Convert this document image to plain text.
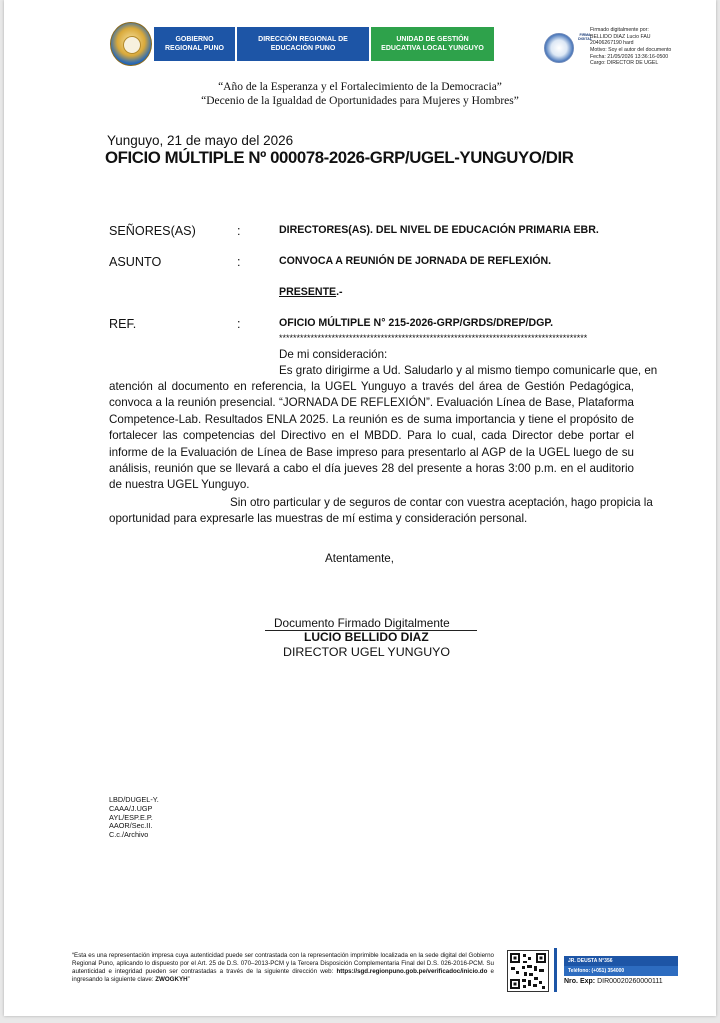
GOBIERNO
REGIONAL PUNO
DIRECCIÓN REGIONAL DE
EDUCACIÓN PUNO
UNIDAD DE GESTIÓN
EDUCATIVA LOCAL YUNGUYO
FIRMA DIGITAL
Firmado digitalmente por:
BELLIDO DIAZ Lucio FAU
20406267190 hard
Motivo: Soy el autor del documento
Fecha: 21/05/2026 13:36:16-0500
Cargo: DIRECTOR DE UGEL
“Año de la Esperanza y el Fortalecimiento de la Democracia”
“Decenio de la Igualdad de Oportunidades para Mujeres y Hombres”
Yunguyo, 21 de mayo del 2026
OFICIO MÚLTIPLE Nº 000078-2026-GRP/UGEL-YUNGUYO/DIR
SEÑORES(AS)	:	DIRECTORES(AS). DEL NIVEL DE EDUCACIÓN PRIMARIA EBR.
ASUNTO	:	CONVOCA A REUNIÓN DE JORNADA DE REFLEXIÓN.
PRESENTE.-
REF.	:	OFICIO MÚLTIPLE N° 215-2026-GRP/GRDS/DREP/DGP.
****************************************************************************************
De mi consideración:
Es grato dirigirme a Ud. Saludarlo y al mismo tiempo comunicarle que, en
atención al documento en referencia, la UGEL Yunguyo a través del área de Gestión Pedagógica, convoca a la reunión presencial. “JORNADA DE REFLEXIÓN”. Evaluación Línea de Base, Plataforma Competence-Lab. Resultados ENLA 2025. La reunión es de suma importancia y tiene el propósito de fortalecer las competencias del Directivo en el MBDD. Para lo cual, cada Director debe portar el informe de la Evaluación de Línea de Base impreso para presentarlo al AGP de la UGEL luego de su análisis, reunión que se llevará a cabo el día jueves 28 del presente a horas 3:00 p.m. en el auditorio de nuestra UGEL Yunguyo.
Sin otro particular y de seguros de contar con vuestra aceptación, hago propicia la
oportunidad para expresarle las muestras de mí estima y consideración personal.
Atentamente,
Documento Firmado Digitalmente
LUCIO BELLIDO DIAZ
DIRECTOR UGEL YUNGUYO
LBD/DUGEL-Y.
CAAA/J.UGP
AYL/ESP.E.P.
AAOR/Sec.II.
C.c./Archivo
“Esta es una representación impresa cuya autenticidad puede ser contrastada con la representación imprimible localizada en la sede digital del Gobierno Regional Puno, aplicando lo dispuesto por el Art. 25 de D.S. 070–2013-PCM y la Tercera Disposición Complementaria Final del D.S. 026-2016-PCM. Su autenticidad e integridad pueden ser contrastadas a través de la siguiente dirección web: https://sgd.regionpuno.gob.pe/verificadoc/inicio.do e ingresando la siguiente clave: ZWOGKYH”
JR. DEUSTA N°356
Teléfono: (+051) 354000
Nro. Exp: DIR00020260000111
